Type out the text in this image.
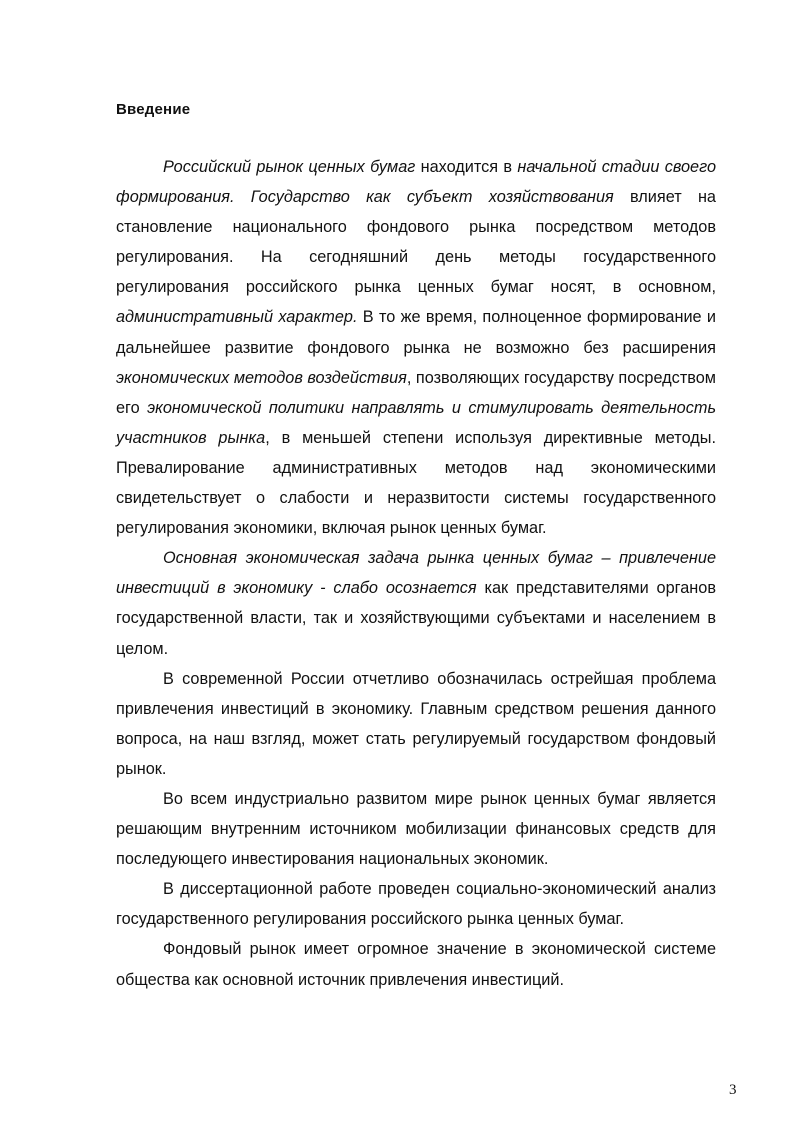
Введение

Российский рынок ценных бумаг находится в начальной стадии своего формирования. Государство как субъект хозяйствования влияет на становление национального фондового рынка посредством методов регулирования. На сегодняшний день методы государственного регулирования российского рынка ценных бумаг носят, в основном, административный характер. В то же время, полноценное формирование и дальнейшее развитие фондового рынка не возможно без расширения экономических методов воздействия, позволяющих государству посредством его экономической политики направлять и стимулировать деятельность участников рынка, в меньшей степени используя директивные методы. Превалирование административных методов над экономическими свидетельствует о слабости и неразвитости системы государственного регулирования экономики, включая рынок ценных бумаг.

Основная экономическая задача рынка ценных бумаг – привлечение инвестиций в экономику - слабо осознается как представителями органов государственной власти, так и хозяйствующими субъектами и населением в целом.

В современной России отчетливо обозначилась острейшая проблема привлечения инвестиций в экономику. Главным средством решения данного вопроса, на наш взгляд, может стать регулируемый государством фондовый рынок.

Во всем индустриально развитом мире рынок ценных бумаг является решающим внутренним источником мобилизации финансовых средств для последующего инвестирования национальных экономик.

В диссертационной работе проведен социально-экономический анализ государственного регулирования российского рынка ценных бумаг.

Фондовый рынок имеет огромное значение в экономической системе общества как основной источник привлечения инвестиций.

3
